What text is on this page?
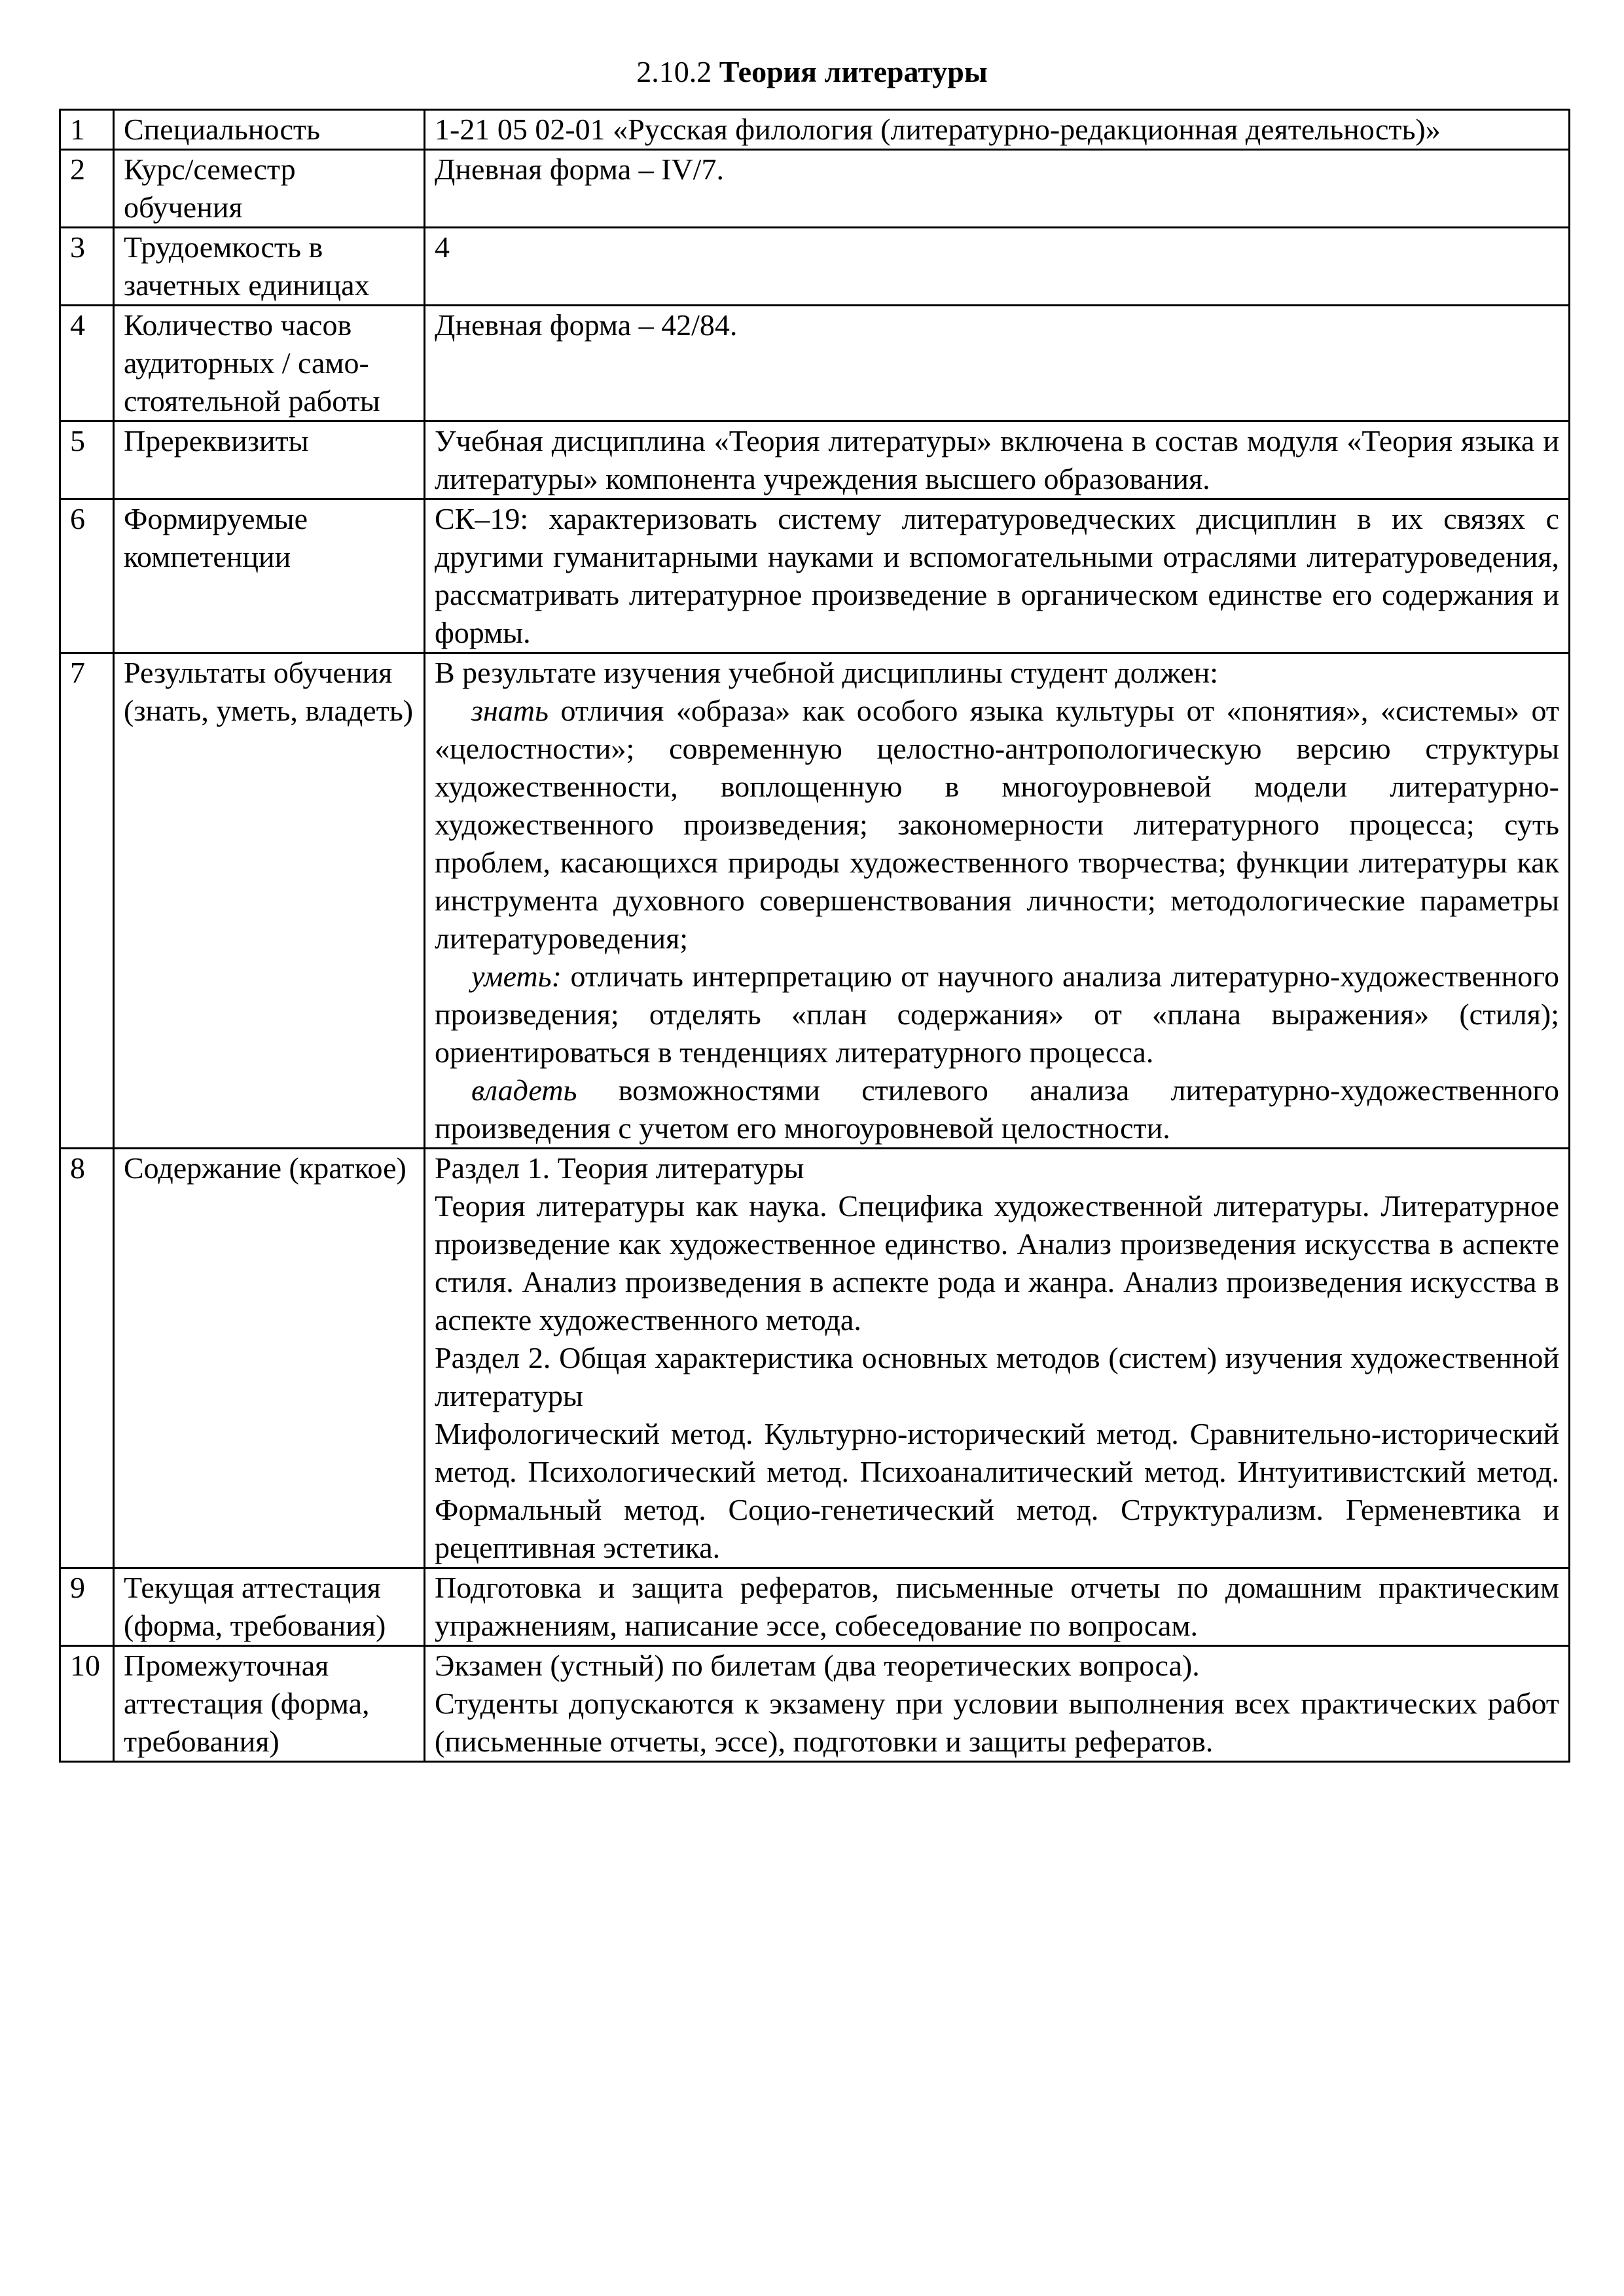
2.10.2 Теория литературы
1	Специальность	1-21 05 02-01 «Русская филология (литературно-редакционная деятельность)»
2	Курс/семестр обучения	Дневная форма – IV/7.
3	Трудоемкость в зачетных единицах	4
4	Количество часов аудиторных / само-стоятельной работы	Дневная форма – 42/84.
5	Пререквизиты	Учебная дисциплина «Теория литературы» включена в состав модуля «Теория языка и литературы» компонента учреждения высшего образования.
6	Формируемые компетенции	СК–19: характеризовать систему литературоведческих дисциплин в их связях с другими гуманитарными науками и вспомогательными отраслями литературоведения, рассматривать литературное произведение в органическом единстве его содержания и формы.
7	Результаты обучения (знать, уметь, владеть)	В результате изучения учебной дисциплины студент должен:
знать отличия «образа» как особого языка культуры от «понятия», «системы» от «целостности»; современную целостно-антропологическую версию структуры художественности, воплощенную в многоуровневой модели литературно-художественного произведения; закономерности литературного процесса; суть проблем, касающихся природы художественного творчества; функции литературы как инструмента духовного совершенствования личности; методологические параметры литературоведения;
уметь: отличать интерпретацию от научного анализа литературно-художественного произведения; отделять «план содержания» от «плана выражения» (стиля); ориентироваться в тенденциях литературного процесса.
владеть возможностями стилевого анализа литературно-художественного произведения с учетом его многоуровневой целостности.

8	Содержание (краткое)	Раздел 1. Теория литературы
Теория литературы как наука. Специфика художественной литературы. Литературное произведение как художественное единство. Анализ произведения искусства в аспекте стиля. Анализ произведения в аспекте рода и жанра. Анализ произведения искусства в аспекте художественного метода.
Раздел 2. Общая характеристика основных методов (систем) изучения художественной литературы
Мифологический метод. Культурно-исторический метод. Сравнительно-исторический метод. Психологический метод. Психоаналитический метод. Интуитивистский метод. Формальный метод. Социо-генетический метод. Структурализм. Герменевтика и рецептивная эстетика.

9	Текущая аттестация (форма, требования)	Подготовка и защита рефератов, письменные отчеты по домашним практическим упражнениям, написание эссе, собеседование по вопросам.
10	Промежуточная аттестация (форма, требования)	Экзамен (устный) по билетам (два теоретических вопроса).
Студенты допускаются к экзамену при условии выполнения всех практических работ (письменные отчеты, эссе), подготовки и защиты рефератов.
